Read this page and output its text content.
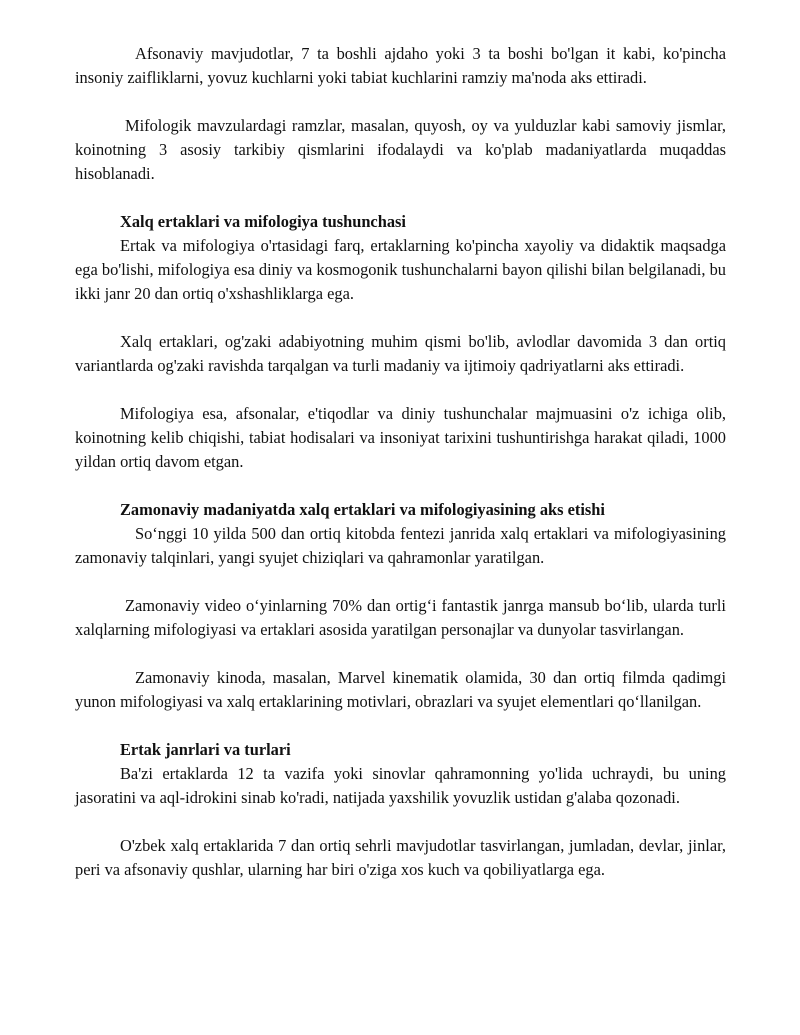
Afsonaviy mavjudotlar, 7 ta boshli ajdaho yoki 3 ta boshi bo'lgan it kabi, ko'pincha insoniy zaifliklarni, yovuz kuchlarni yoki tabiat kuchlarini ramziy ma'noda aks ettiradi.

Mifologik mavzulardagi ramzlar, masalan, quyosh, oy va yulduzlar kabi samoviy jismlar, koinotning 3 asosiy tarkibiy qismlarini ifodalaydi va ko'plab madaniyatlarda muqaddas hisoblanadi.

Xalq ertaklari va mifologiya tushunchasi

Ertak va mifologiya o'rtasidagi farq, ertaklarning ko'pincha xayoliy va didaktik maqsadga ega bo'lishi, mifologiya esa diniy va kosmogonik tushunchalarni bayon qilishi bilan belgilanadi, bu ikki janr 20 dan ortiq o'xshashliklarga ega.

Xalq ertaklari, og'zaki adabiyotning muhim qismi bo'lib, avlodlar davomida 3 dan ortiq variantlarda og'zaki ravishda tarqalgan va turli madaniy va ijtimoiy qadriyatlarni aks ettiradi.

Mifologiya esa, afsonalar, e'tiqodlar va diniy tushunchalar majmuasini o'z ichiga olib, koinotning kelib chiqishi, tabiat hodisalari va insoniyat tarixini tushuntirishga harakat qiladi, 1000 yildan ortiq davom etgan.

Zamonaviy madaniyatda xalq ertaklari va mifologiyasining aks etishi

So‘nggi 10 yilda 500 dan ortiq kitobda fentezi janrida xalq ertaklari va mifologiyasining zamonaviy talqinlari, yangi syujet chiziqlari va qahramonlar yaratilgan.

Zamonaviy video o‘yinlarning 70% dan ortig‘i fantastik janrga mansub bo‘lib, ularda turli xalqlarning mifologiyasi va ertaklari asosida yaratilgan personajlar va dunyolar tasvirlangan.

Zamonaviy kinoda, masalan, Marvel kinematik olamida, 30 dan ortiq filmda qadimgi yunon mifologiyasi va xalq ertaklarining motivlari, obrazlari va syujet elementlari qo‘llanilgan.

Ertak janrlari va turlari

Ba'zi ertaklarda 12 ta vazifa yoki sinovlar qahramonning yo'lida uchraydi, bu uning jasoratini va aql-idrokini sinab ko'radi, natijada yaxshilik yovuzlik ustidan g'alaba qozonadi.

O'zbek xalq ertaklarida 7 dan ortiq sehrli mavjudotlar tasvirlangan, jumladan, devlar, jinlar, peri va afsonaviy qushlar, ularning har biri o'ziga xos kuch va qobiliyatlarga ega.
